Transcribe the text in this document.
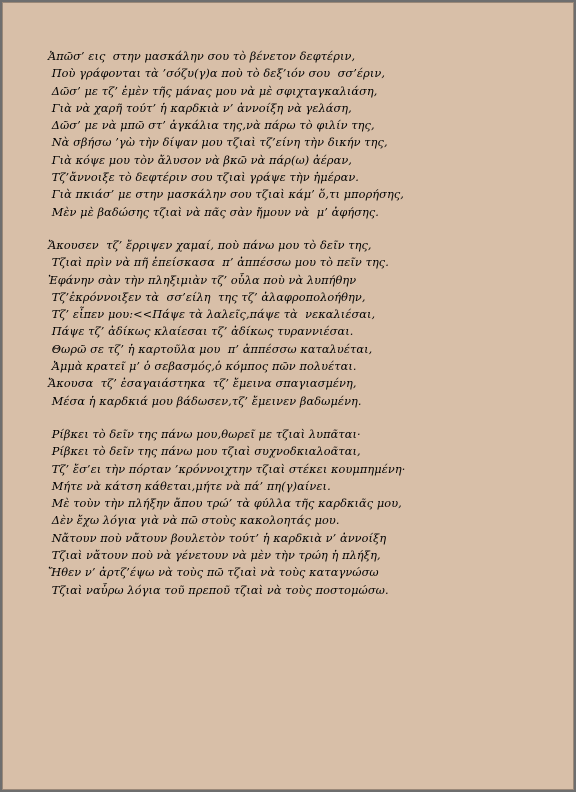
Ἀπῶσ’ εις  στην μασκάλην σου τὸ βένετον δεφτέριν,
Ποὺ γράφονται τὰ ’σόζυ(γ)α ποὺ τὸ δεξ’ιόν σου  σσ’έριν,
Δῶσ’ με τζ’ ἐμὲν τῆς μάνας μου νὰ μὲ σφιχταγκαλιάση,
Γιὰ νὰ χαρῆ τούτ’ ἡ καρδκιὰ ν’ ἀννοίξη νὰ γελάση,
Δῶσ’ με νὰ μπῶ στ’ ἀγκάλια της,νὰ πάρω τὸ φιλίν της,
Νὰ σβήσω ’γὼ τὴν δίψαν μου τζιαὶ τζ’είνη τὴν δικήν της,
Γιὰ κόψε μου τὸν ἄλυσον νὰ βκῶ νὰ πάρ(ω) ἀέραν,
Τζ’ἄννοιξε τὸ δεφτέριν σου τζιαὶ γράψε τὴν ἡμέραν.
Γιὰ πκιάσ’ με στην μασκάλην σου τζιαὶ κάμ’ ὅ,τι μπορήσης,
Μὲν μὲ βαδώσης τζιαὶ νὰ πᾶς σὰν ἤμουν νὰ  μ’ ἀφήσης.
Ἄκουσεν  τζ’ ἔρριψεν χαμαί, ποὺ πάνω μου τὸ δεῖν της,
Τζιαὶ πρὶν νὰ πῆ ἐπείσκασα  π’ ἀππέσσω μου τὸ πεῖν της.
Ἐφάνην σὰν τὴν πληξιμιὰν τζ’ οὖλα ποὺ νὰ λυπήθην
Τζ’ἐκρόννοιξεν τὰ  σσ’είλη  της τζ’ ἀλαφροπολοήθην,
Τζ’ εἶπεν μου:<<Πάψε τὰ λαλεῖς,πάψε τὰ  νεκαλιέσαι,
Πάψε τζ’ ἀδίκως κλαίεσαι τζ’ ἀδίκως τυραννιέσαι.
Θωρῶ σε τζ’ ἡ καρτοῦλα μου  π’ ἀππέσσω καταλυέται,
Ἀμμὰ κρατεῖ μ’ ὁ σεβασμός,ὁ κόμπος πῶν πολυέται.
Ἄκουσα  τζ’ ἐσαγαιάστηκα  τζ’ ἔμεινα σπαγιασμένη,
Μέσα ἡ καρδκιά μου βάδωσεν,τζ’ ἔμεινεν βαδωμένη.
Ρίβκει τὸ δεῖν της πάνω μου,θωρεῖ με τζιαὶ λυπᾶται·
Ρίβκει τὸ δεῖν της πάνω μου τζιαὶ συχνοδκιαλοᾶται,
Τζ’ ἔσ’ει τὴν πόρταν ’κρόννοιχτην τζιαὶ στέκει κουμπημένη·
Μήτε νὰ κάτση κάθεται,μήτε νὰ πά’ πη(γ)αίνει.
Μὲ τοὺν τὴν πλήξην ἄπου τρώ’ τὰ φύλλα τῆς καρδκιᾶς μου,
Δὲν ἔχω λόγια γιὰ νὰ πῶ στοὺς κακολοητάς μου.
Νἄτουν ποὺ νἄτουν βουλετὸν τούτ’ ἡ καρδκιὰ ν’ ἀννοίξη
Τζιαὶ νἄτουν ποὺ νὰ γένετουν νὰ μὲν τὴν τρώη ἡ πλήξη,
Ἤθεν ν’ ἀρτζ’έψω νὰ τοὺς πῶ τζιαὶ νὰ τοὺς καταγνώσω
Τζιαὶ ναὖρω λόγια τοῦ πρεποῦ τζιαὶ νὰ τοὺς ποστομώσω.
